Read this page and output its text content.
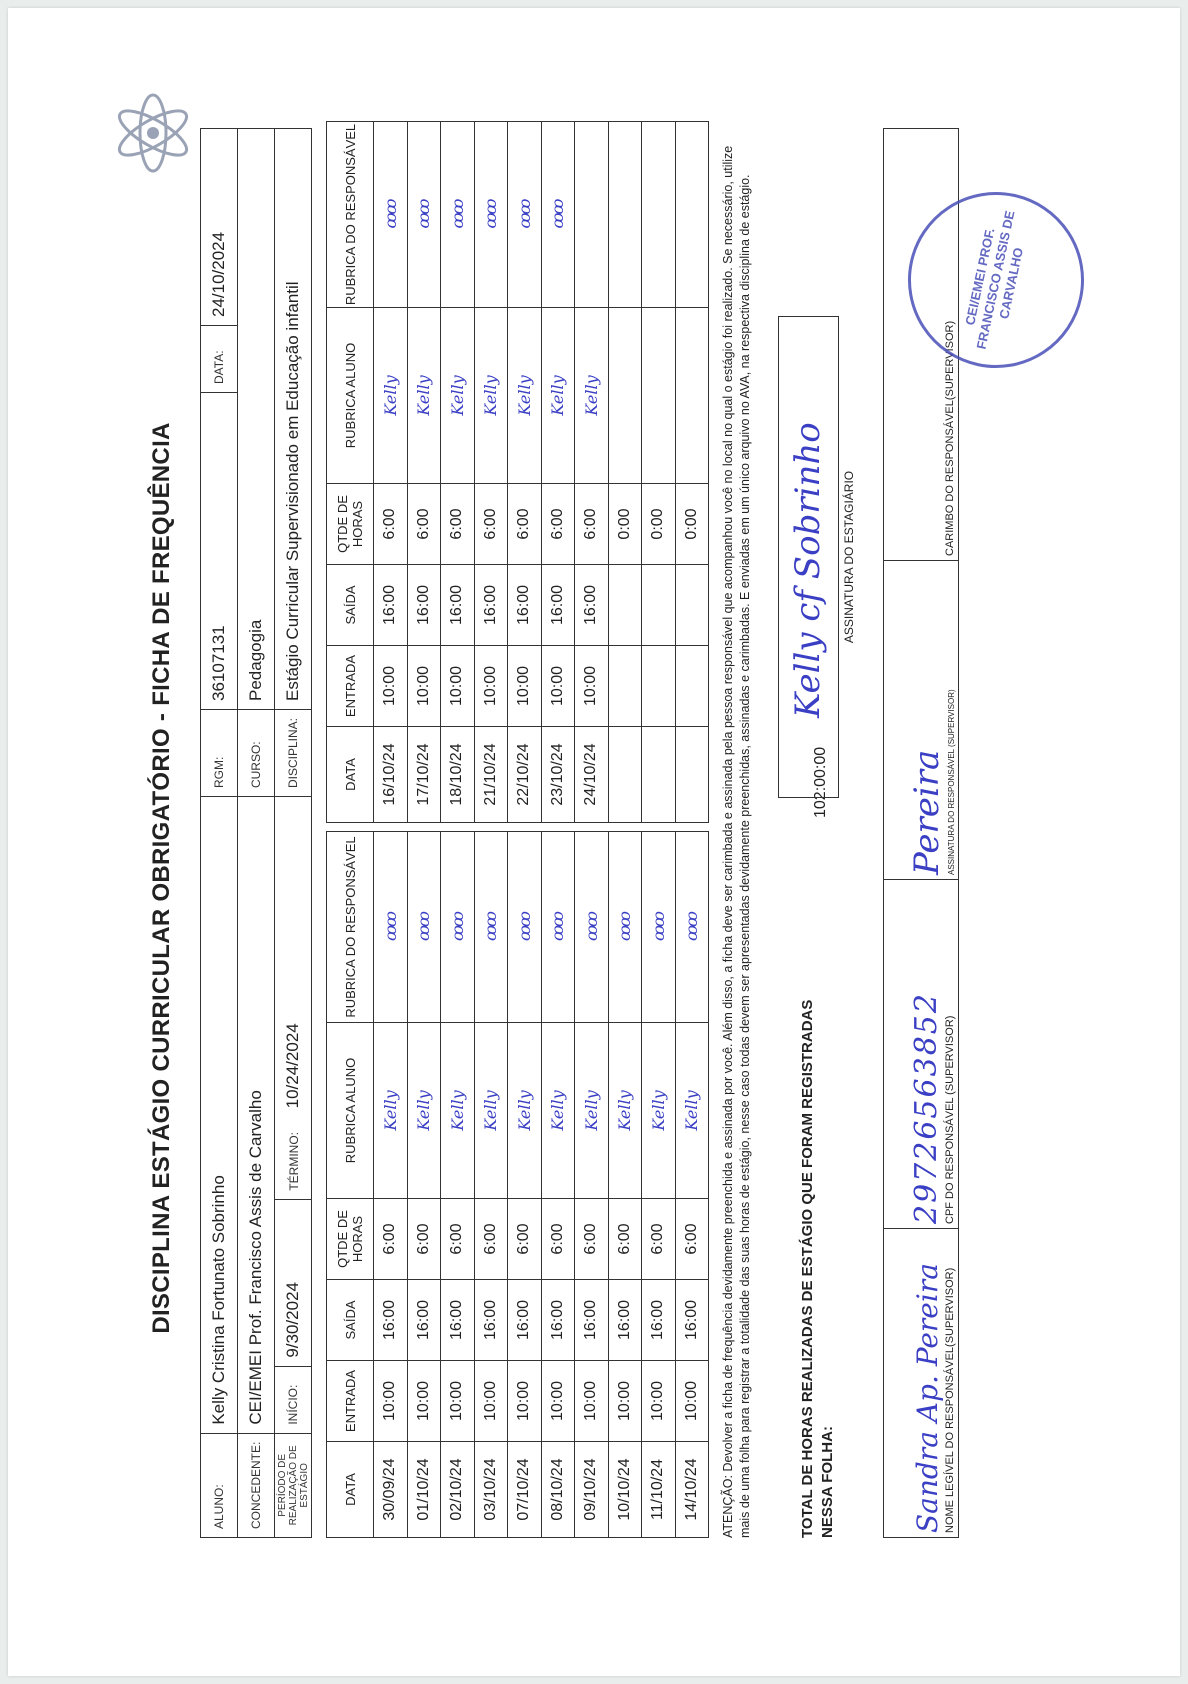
DISCIPLINA ESTÁGIO CURRICULAR OBRIGATÓRIO - FICHA DE FREQUÊNCIA
ALUNO:	Kelly Cristina Fortunato Sobrinho			RGM:	36107131	DATA:	24/10/2024
CONCEDENTE:	CEI/EMEI Prof. Francisco Assis de Carvalho			CURSO:	Pedagogia		
PERÍODO DE REALIZAÇÃO DE ESTÁGIO	INÍCIO:	9/30/2024	TÉRMINO:     10/24/2024	DISCIPLINA:	Estágio Curricular Supervisionado em Educação infantil		
DATA	ENTRADA	SAÍDA	QTDE DE HORAS	RUBRICA ALUNO	RUBRICA DO RESPONSÁVEL
30/09/24	10:00	16:00	6:00	Kelly	ꝏꝏ
01/10/24	10:00	16:00	6:00	Kelly	ꝏꝏ
02/10/24	10:00	16:00	6:00	Kelly	ꝏꝏ
03/10/24	10:00	16:00	6:00	Kelly	ꝏꝏ
07/10/24	10:00	16:00	6:00	Kelly	ꝏꝏ
08/10/24	10:00	16:00	6:00	Kelly	ꝏꝏ
09/10/24	10:00	16:00	6:00	Kelly	ꝏꝏ
10/10/24	10:00	16:00	6:00	Kelly	ꝏꝏ
11/10/24	10:00	16:00	6:00	Kelly	ꝏꝏ
14/10/24	10:00	16:00	6:00	Kelly	ꝏꝏ
DATA	ENTRADA	SAÍDA	QTDE DE HORAS	RUBRICA ALUNO	RUBRICA DO RESPONSÁVEL
16/10/24	10:00	16:00	6:00	Kelly	ꝏꝏ
17/10/24	10:00	16:00	6:00	Kelly	ꝏꝏ
18/10/24	10:00	16:00	6:00	Kelly	ꝏꝏ
21/10/24	10:00	16:00	6:00	Kelly	ꝏꝏ
22/10/24	10:00	16:00	6:00	Kelly	ꝏꝏ
23/10/24	10:00	16:00	6:00	Kelly	ꝏꝏ
24/10/24	10:00	16:00	6:00	Kelly	
			0:00		
			0:00		
			0:00		ATENÇÃO: Devolver a ficha de frequência devidamente preenchida e assinada por você. Além disso, a ficha deve ser carimbada e assinada pela pessoa responsável que acompanhou você no local no qual o estágio foi realizado. Se necessário, utilize mais de uma folha para registrar a totalidade das suas horas de estágio, nesse caso todas devem ser apresentadas devidamente preenchidas, assinadas e carimbadas. E enviadas em um único arquivo no AVA, na respectiva disciplina de estágio.	TOTAL DE HORAS REALIZADAS DE ESTÁGIO QUE FORAM REGISTRADAS NESSA FOLHA:
102:00:00
Kelly cf Sobrinho ASSINATURA DO ESTAGIÁRIO
Sandra Ap. Pereira NOME LEGÍVEL DO RESPONSÁVEL(SUPERVISOR)

29726563852 CPF DO RESPONSÁVEL (SUPERVISOR)

Pereira ASSINATURA DO RESPONSÁVEL (SUPERVISOR)

CARIMBO DO RESPONSÁVEL(SUPERVISOR)
CEI/EMEI PROF. FRANCISCO ASSIS DE CARVALHO
